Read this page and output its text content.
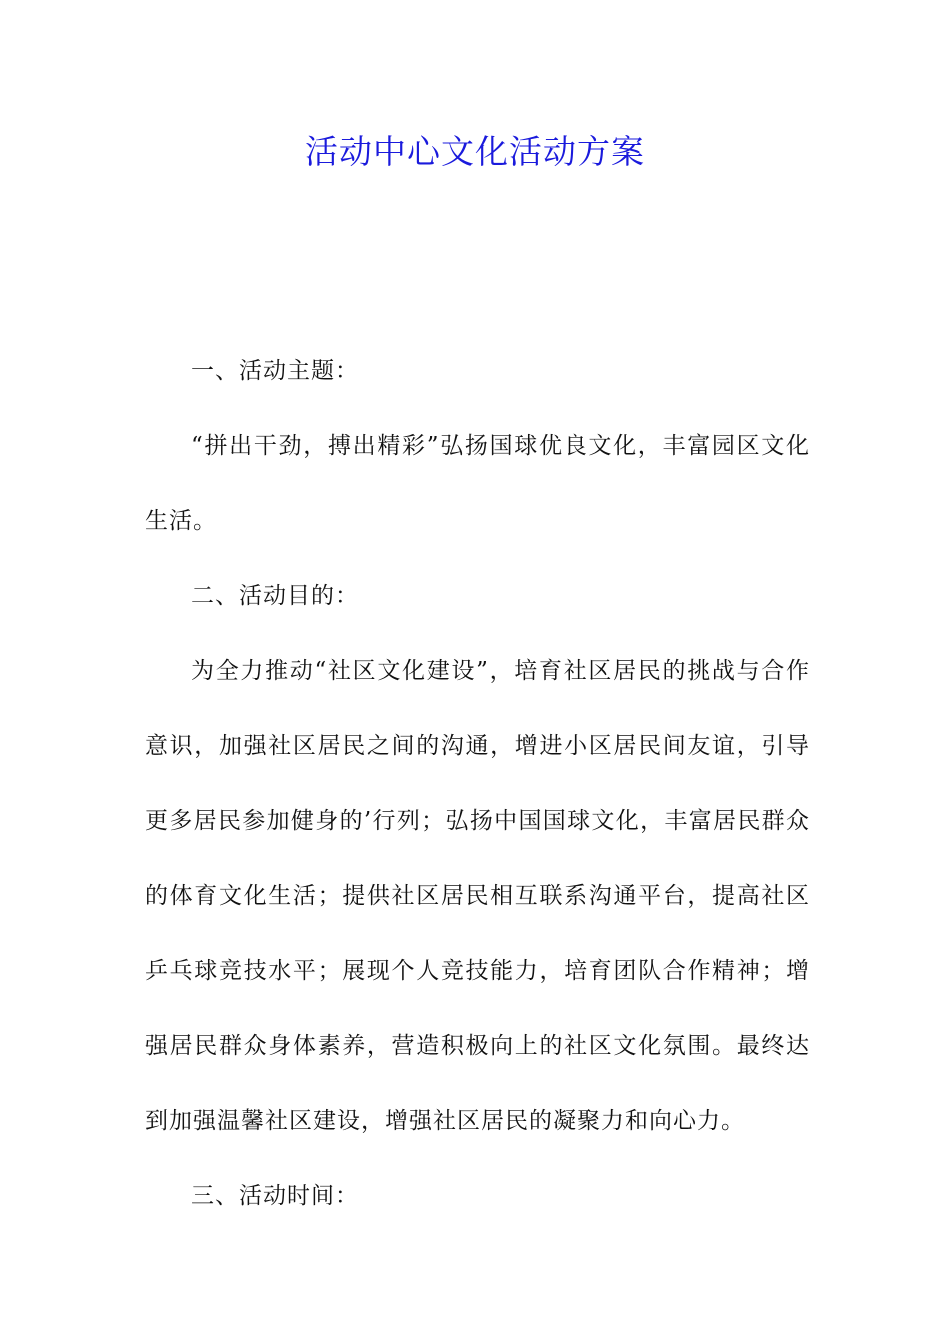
活动中心文化活动方案

一、活动主题：

“拼出干劲，搏出精彩”弘扬国球优良文化，丰富园区文化生活。

二、活动目的：

为全力推动“社区文化建设”，培育社区居民的挑战与合作意识，加强社区居民之间的沟通，增进小区居民间友谊，引导更多居民参加健身的’行列；弘扬中国国球文化，丰富居民群众的体育文化生活；提供社区居民相互联系沟通平台，提高社区乒乓球竞技水平；展现个人竞技能力，培育团队合作精神；增强居民群众身体素养，营造积极向上的社区文化氛围。最终达到加强温馨社区建设，增强社区居民的凝聚力和向心力。

三、活动时间：
